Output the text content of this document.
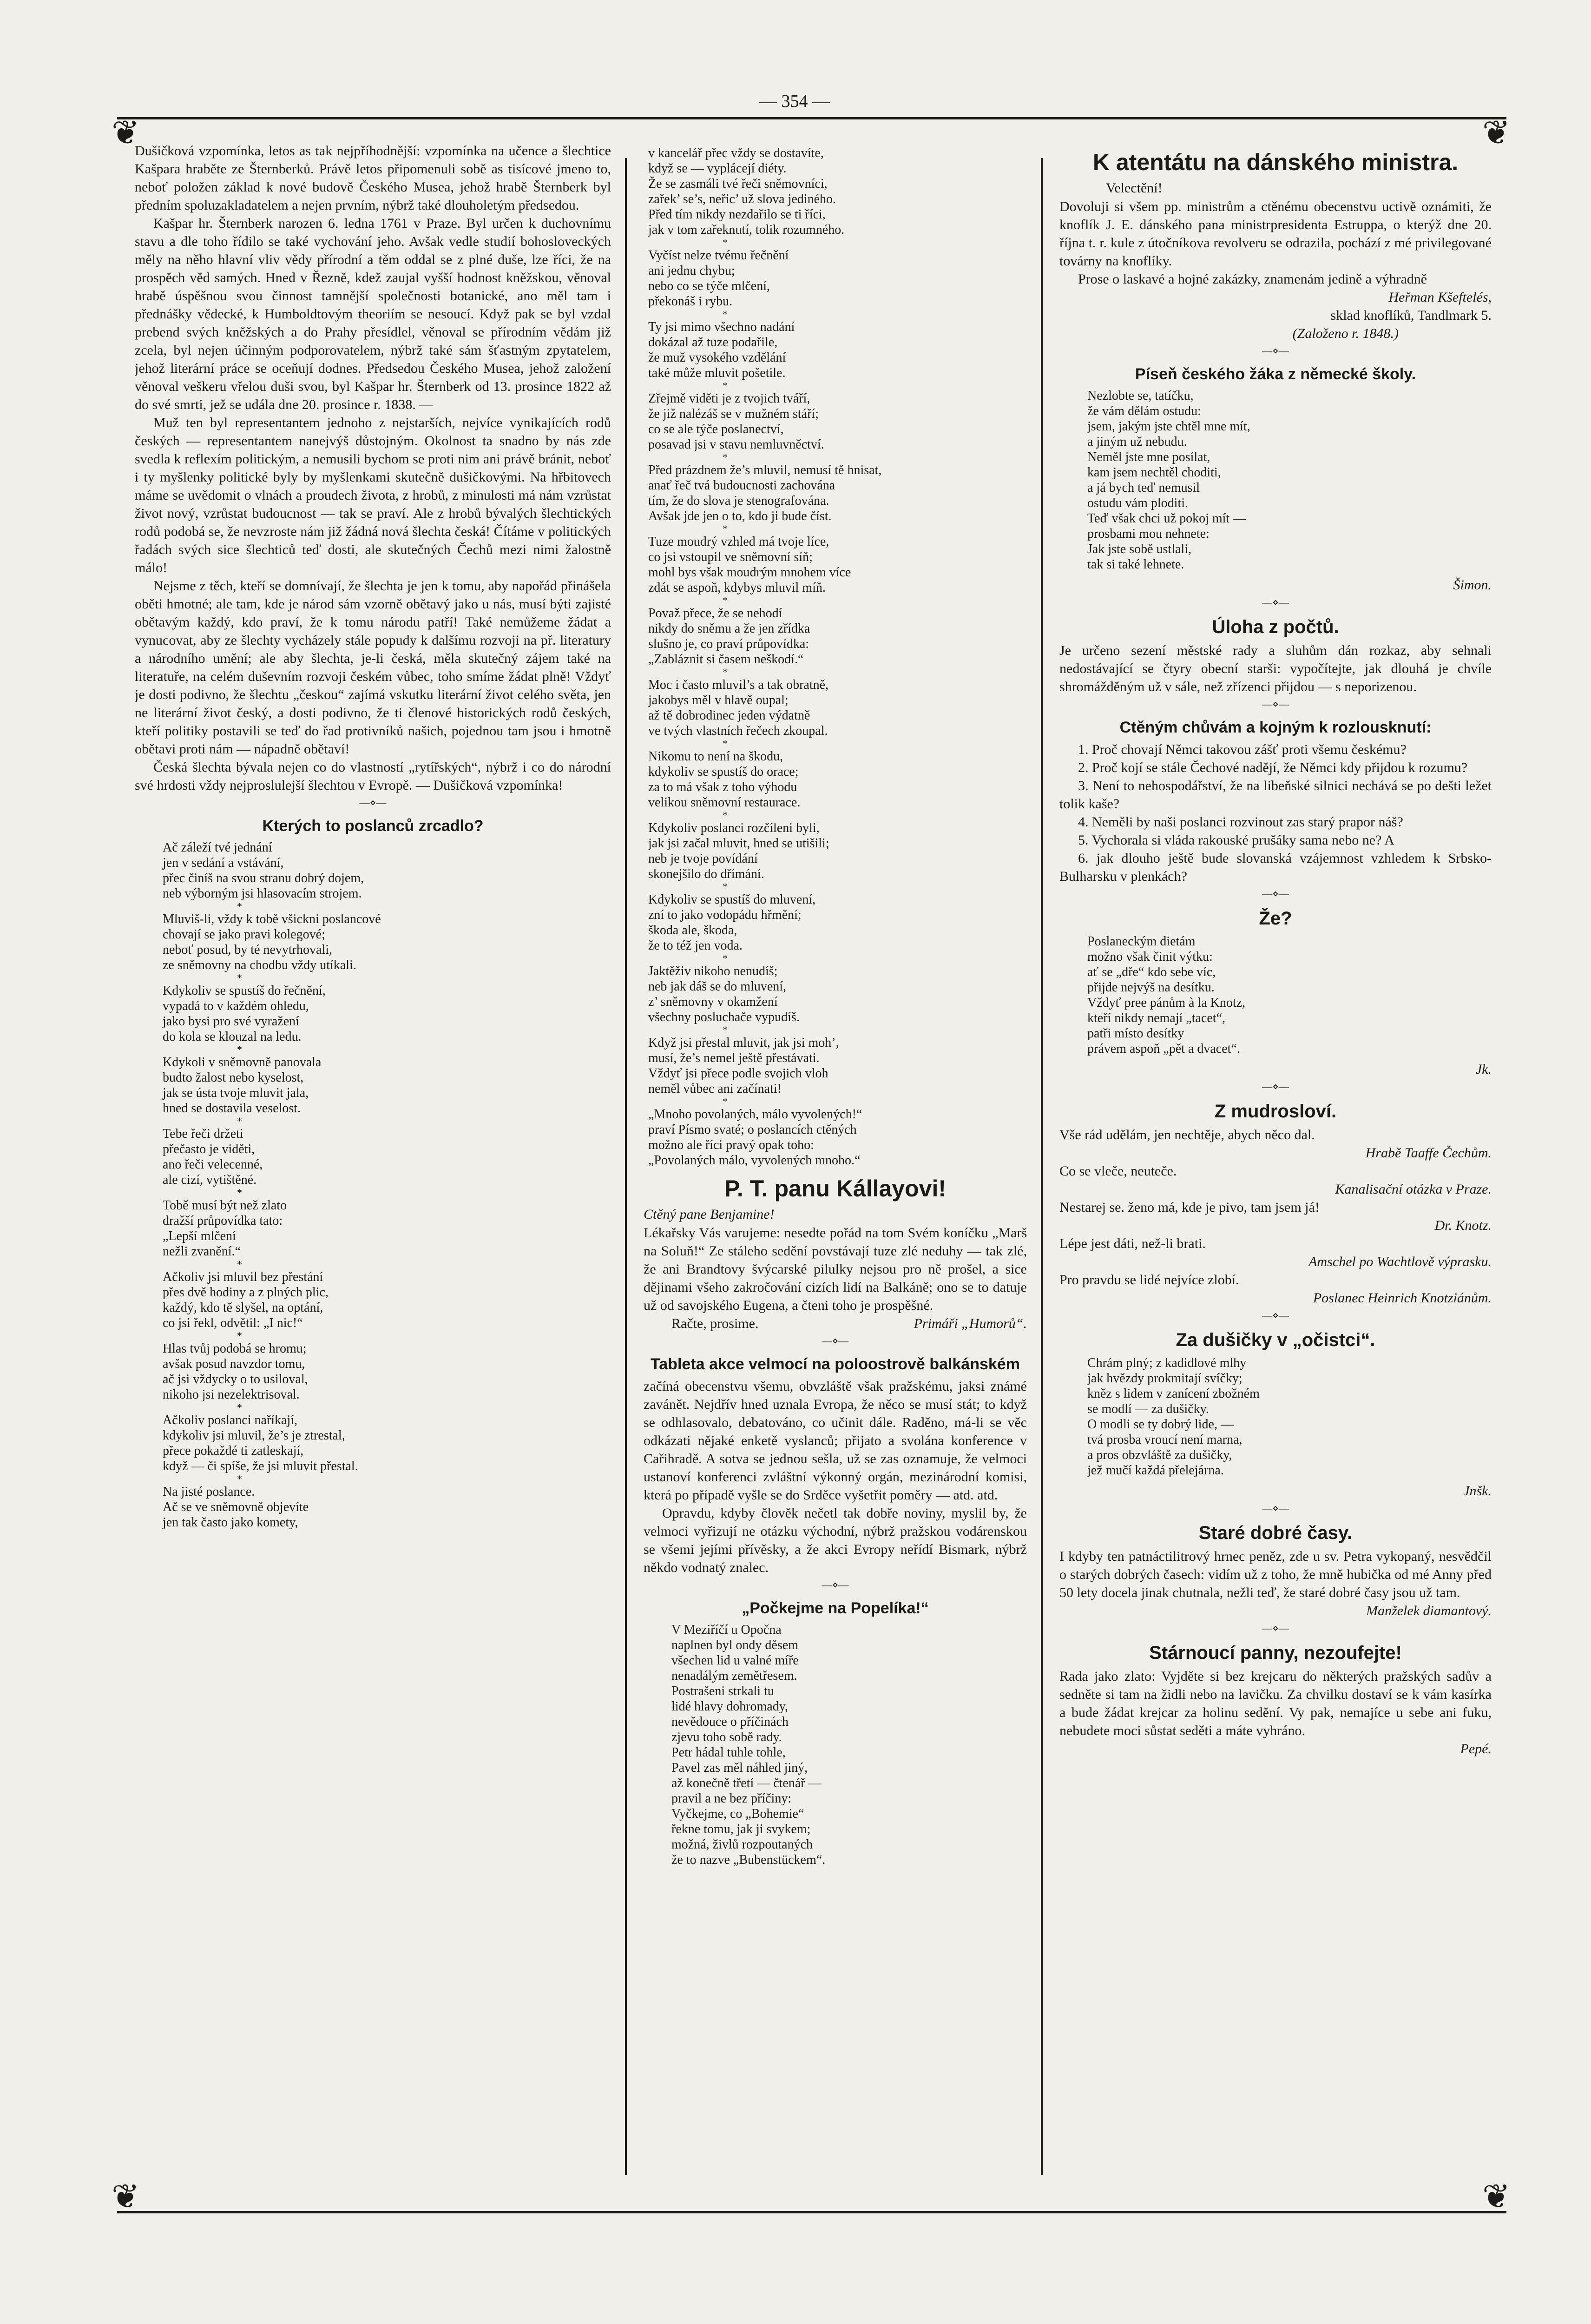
— 354 —
❦	❦
❦	❦

Dušičková vzpomínka, letos as tak nejpříhodnější: vzpomínka na učence a šlechtice Kašpara hraběte ze Šternberků. Právě letos připomenuli sobě as tisícové jmeno to, neboť položen základ k nové budově Českého Musea, jehož hrabě Šternberk byl předním spoluzakladatelem a nejen prvním, nýbrž také dlouholetým předsedou.

Kašpar hr. Šternberk narozen 6. ledna 1761 v Praze. Byl určen k duchovnímu stavu a dle toho řídilo se také vychování jeho. Avšak vedle studií bohosloveckých měly na něho hlavní vliv vědy přírodní a těm oddal se z plné duše, lze říci, že na prospěch věd samých. Hned v Řezně, kdež zaujal vyšší hodnost kněžskou, věnoval hrabě úspěšnou svou činnost tamnější společnosti botanické, ano měl tam i přednášky vědecké, k Humboldtovým theoriím se nesoucí. Když pak se byl vzdal prebend svých kněžských a do Prahy přesídlel, věnoval se přírodním vědám již zcela, byl nejen účinným podporovatelem, nýbrž také sám šťastným zpytatelem, jehož literární práce se oceňují dodnes. Předsedou Českého Musea, jehož založení věnoval veškeru vřelou duši svou, byl Kašpar hr. Šternberk od 13. prosince 1822 až do své smrti, jež se udála dne 20. prosince r. 1838. —

Muž ten byl representantem jednoho z nejstarších, nejvíce vynikajících rodů českých — representantem nanejvýš důstojným. Okolnost ta snadno by nás zde svedla k reflexím politickým, a nemusili bychom se proti nim ani právě bránit, neboť i ty myšlenky politické byly by myšlenkami skutečně dušičkovými. Na hřbitovech máme se uvědomit o vlnách a proudech života, z hrobů, z minulosti má nám vzrůstat život nový, vzrůstat budoucnost — tak se praví. Ale z hrobů bývalých šlechtických rodů podobá se, že nevzroste nám již žádná nová šlechta česká! Čítáme v politických řadách svých sice šlechticů teď dosti, ale skutečných Čechů mezi nimi žalostně málo!

Nejsme z těch, kteří se domnívají, že šlechta je jen k tomu, aby napořád přinášela oběti hmotné; ale tam, kde je národ sám vzorně obětavý jako u nás, musí býti zajisté obětavým každý, kdo praví, že k tomu národu patří! Také nemůžeme žádat a vynucovat, aby ze šlechty vycházely stále popudy k dalšímu rozvoji na př. literatury a národního umění; ale aby šlechta, je-li česká, měla skutečný zájem také na literatuře, na celém duševním rozvoji českém vůbec, toho smíme žádat plně! Vždyť je dosti podivno, že šlechtu „českou“ zajímá vskutku literární život celého světa, jen ne literární život český, a dosti podivno, že ti členové historických rodů českých, kteří politiky postavili se teď do řad protivníků našich, pojednou tam jsou i hmotně obětavi proti nám — nápadně obětaví!

Česká šlechta bývala nejen co do vlastností „rytířských“, nýbrž i co do národní své hrdosti vždy nejproslulejší šlechtou v Evropě. — Dušičková vzpomínka!

—⋄—
Kterých to poslanců zrcadlo?
Ač záleží tvé jednání
jen v sedání a vstávání,
přec činíš na svou stranu dobrý dojem,
neb výborným jsi hlasovacím strojem.
*
Mluviš-li, vždy k tobě všickni poslancové
chovají se jako pravi kolegové;
neboť posud, by té nevytrhovali,
ze sněmovny na chodbu vždy utíkali.
*
Kdykoliv se spustíš do řečnění,
vypadá to v každém ohledu,
jako bysi pro své vyražení
do kola se klouzal na ledu.
*
Kdykoli v sněmovně panovala
budto žalost nebo kyselost,
jak se ústa tvoje mluvit jala,
hned se dostavila veselost.
*
Tebe řeči držeti
přečasto je viděti,
ano řeči velecenné,
ale cizí, vytištěné.
*
Tobě musí být než zlato
dražší průpovídka tato:
„Lepší mlčení
nežli zvanění.“
*
Ačkoliv jsi mluvil bez přestání
přes dvě hodiny a z plných plic,
každý, kdo tě slyšel, na optání,
co jsi řekl, odvětil: „I nic!“
*
Hlas tvůj podobá se hromu;
avšak posud navzdor tomu,
ač jsi vždycky o to usiloval,
nikoho jsi nezelektrisoval.
*
Ačkoliv poslanci naříkají,
kdykoliv jsi mluvil, že’s je ztrestal,
přece pokaždé ti zatleskají,
když — či spíše, že jsi mluvit přestal.
*
Na jisté poslance.
Ač se ve sněmovně objevíte
jen tak často jako komety,
v kancelář přec vždy se dostavíte,
když se — vyplácejí diéty.
Že se zasmáli tvé řeči sněmovníci,
zařek’ se’s, neřic’ už slova jediného.
Před tím nikdy nezdařilo se ti říci,
jak v tom zařeknutí, tolik rozumného.
*
Vyčíst nelze tvému řečnění
ani jednu chybu;
nebo co se týče mlčení,
překonáš i rybu.
*
Ty jsi mimo všechno nadání
dokázal až tuze podařile,
že muž vysokého vzdělání
také může mluvit pošetile.
*
Zřejmě viděti je z tvojich tváří,
že již nalézáš se v mužném stáří;
co se ale týče poslanectví,
posavad jsi v stavu nemluvněctví.
*
Před prázdnem že’s mluvil, nemusí tě hnisat,
anať řeč tvá budoucnosti zachována
tím, že do slova je stenografována.
Avšak jde jen o to, kdo ji bude číst.
*
Tuze moudrý vzhled má tvoje líce,
co jsi vstoupil ve sněmovní síň;
mohl bys však moudrým mnohem více
zdát se aspoň, kdybys mluvil míň.
*
Považ přece, že se nehodí
nikdy do sněmu a že jen zřídka
slušno je, co praví průpovídka:
„Zabláznit si časem neškodí.“
*
Moc i často mluvil’s a tak obratně,
jakobys měl v hlavě oupal;
až tě dobrodinec jeden výdatně
ve tvých vlastních řečech zkoupal.
*
Nikomu to není na škodu,
kdykoliv se spustíš do orace;
za to má však z toho výhodu
velikou sněmovní restaurace.
*
Kdykoliv poslanci rozčíleni byli,
jak jsi začal mluvit, hned se utišili;
neb je tvoje povídání
skonejšilo do dřímání.
*
Kdykoliv se spustíš do mluvení,
zní to jako vodopádu hřmění;
škoda ale, škoda,
že to též jen voda.
*
Jaktěživ nikoho nenudíš;
neb jak dáš se do mluvení,
z’ sněmovny v okamžení
všechny posluchače vypudíš.
*
Když jsi přestal mluvit, jak jsi moh’,
musí, že’s nemel ještě přestávati.
Vždyť jsi přece podle svojich vloh
neměl vůbec ani začínati!
*
„Mnoho povolaných, málo vyvolených!“
praví Písmo svaté; o poslancích ctěných
možno ale říci pravý opak toho:
„Povolaných málo, vyvolených mnoho.“
P. T. panu Kállayovi!
Ctěný pane Benjamine!

Lékařsky Vás varujeme: nesedte pořád na tom Svém koníčku „Marš na Soluň!“ Ze stáleho sedění povstávají tuze zlé neduhy — tak zlé, že ani Brandtovy švýcarské pilulky nejsou pro ně prošel, a sice dějinami všeho zakročování cizích lidí na Balkáně; ono se to datuje už od savojského Eugena, a čteni toho je prospěšné.

Račte, prosime.	Primáři „Humorů“.

—⋄—
Tableta akce velmocí na poloostrově balkánském

začíná obecenstvu všemu, obvzláště však pražskému, jaksi známé zavánět. Nejdřív hned uznala Evropa, že něco se musí stát; to když se odhlasovalo, debatováno, co učinit dále. Raděno, má-li se věc odkázati nějaké enketě vyslanců; přijato a svolána konference v Cařihradě. A sotva se jednou sešla, už se zas oznamuje, že velmoci ustanoví konferenci zvláštní výkonný orgán, mezinárodní komisi, která po případě vyšle se do Srděce vyšetřit poměry — atd. atd.

Opravdu, kdyby člověk nečetl tak dobře noviny, myslil by, že velmoci vyřizují ne otázku východní, nýbrž pražskou vodárenskou se všemi jejími přívěsky, a že akci Evropy neřídí Bismark, nýbrž někdo vodnatý znalec.

—⋄—
„Počkejme na Popelíka!“
V Meziříčí u Opočna
naplnen byl ondy děsem
všechen lid u valné míře
nenadálým zemětřesem.
Postrašeni strkali tu
lidé hlavy dohromady,
nevědouce o příčinách
zjevu toho sobě rady.
Petr hádal tuhle tohle,
Pavel zas měl náhled jiný,
až konečně třetí — čtenář —
pravil a ne bez příčiny:
Vyčkejme, co „Bohemie“
řekne tomu, jak ji svykem;
možná, živlů rozpoutaných
že to nazve „Bubenstückem“.
K atentátu na dánského ministra.
Velectění!

Dovoluji si všem pp. ministrům a ctěnému obecenstvu uctivě oznámiti, že knoflík J. E. dánského pana ministrpresidenta Estruppa, o kterýž dne 20. října t. r. kule z útočníkova revolveru se odrazila, pochází z mé privilegované továrny na knoflíky.

Prose o laskavé a hojné zakázky, znamenám jedině a výhradně

Heřman Kšeftelés,

sklad knoflíků, Tandlmark 5.

(Založeno r. 1848.)

—⋄—
Píseň českého žáka z německé školy.
Nezlobte se, tatíčku,
že vám dělám ostudu:
jsem, jakým jste chtěl mne mít,
a jiným už nebudu.
Neměl jste mne posílat,
kam jsem nechtěl choditi,
a já bych teď nemusil
ostudu vám ploditi.
Teď však chci už pokoj mít —
prosbami mou nehnete:
Jak jste sobě ustlali,
tak si také lehnete.

Šimon.

—⋄—
Úloha z počtů.

Je určeno sezení městské rady a sluhům dán rozkaz, aby sehnali nedostávající se čtyry obecní starši: vypočítejte, jak dlouhá je chvíle shromážděným už v sále, než zřízenci přijdou — s neporizenou.

—⋄—
Ctěným chůvám a kojným k rozlousknutí:

1. Proč chovají Němci takovou zášť proti všemu českému?

2. Proč kojí se stále Čechové nadějí, že Němci kdy přijdou k rozumu?

3. Není to nehospodářství, že na libeňské silnici nechává se po dešti ležet tolik kaše?

4. Neměli by naši poslanci rozvinout zas starý prapor náš?

5. Vychorala si vláda rakouské prušáky sama nebo ne? A

6. jak dlouho ještě bude slovanská vzájemnost vzhledem k Srbsko-Bulharsku v plenkách?

—⋄—
Že?
Poslaneckým dietám
možno však činit výtku:
ať se „dře“ kdo sebe víc,
přijde nejvýš na desítku.
Vždyť pree pánům à la Knotz,
kteří nikdy nemají „tacet“,
patři místo desítky
právem aspoň „pět a dvacet“.

Jk.

—⋄—
Z mudrosloví.

Vše rád udělám, jen nechtěje, abych něco dal.

Hrabě Taaffe Čechům.

Co se vleče, neuteče.

Kanalisační otázka v Praze.

Nestarej se. ženo má, kde je pivo, tam jsem já!

Dr. Knotz.

Lépe jest dáti, než-li brati.

Amschel po Wachtlově výprasku.

Pro pravdu se lidé nejvíce zlobí.

Poslanec Heinrich Knotziánům.

—⋄—
Za dušičky v „očistci“.
Chrám plný; z kadidlové mlhy
jak hvězdy prokmitají svíčky;
kněz s lidem v zanícení zbožném
se modlí — za dušičky.
O modli se ty dobrý lide, —
tvá prosba vroucí není marna,
a pros obzvláště za dušičky,
jež mučí každá přelejárna.

Jnšk.

—⋄—
Staré dobré časy.

I kdyby ten patnáctilitrový hrnec peněz, zde u sv. Petra vykopaný, nesvědčil o starých dobrých časech: vidím už z toho, že mně hubička od mé Anny před 50 lety docela jinak chutnala, nežli teď, že staré dobré časy jsou už tam.

Manželek diamantový.

—⋄—
Stárnoucí panny, nezoufejte!

Rada jako zlato: Vyjděte si bez krejcaru do některých pražských sadův a sedněte si tam na židli nebo na lavičku. Za chvilku dostaví se k vám kasírka a bude žádat krejcar za holinu sedění. Vy pak, nemajíce u sebe ani fuku, nebudete moci sůstat seděti a máte vyhráno.

Pepé.
